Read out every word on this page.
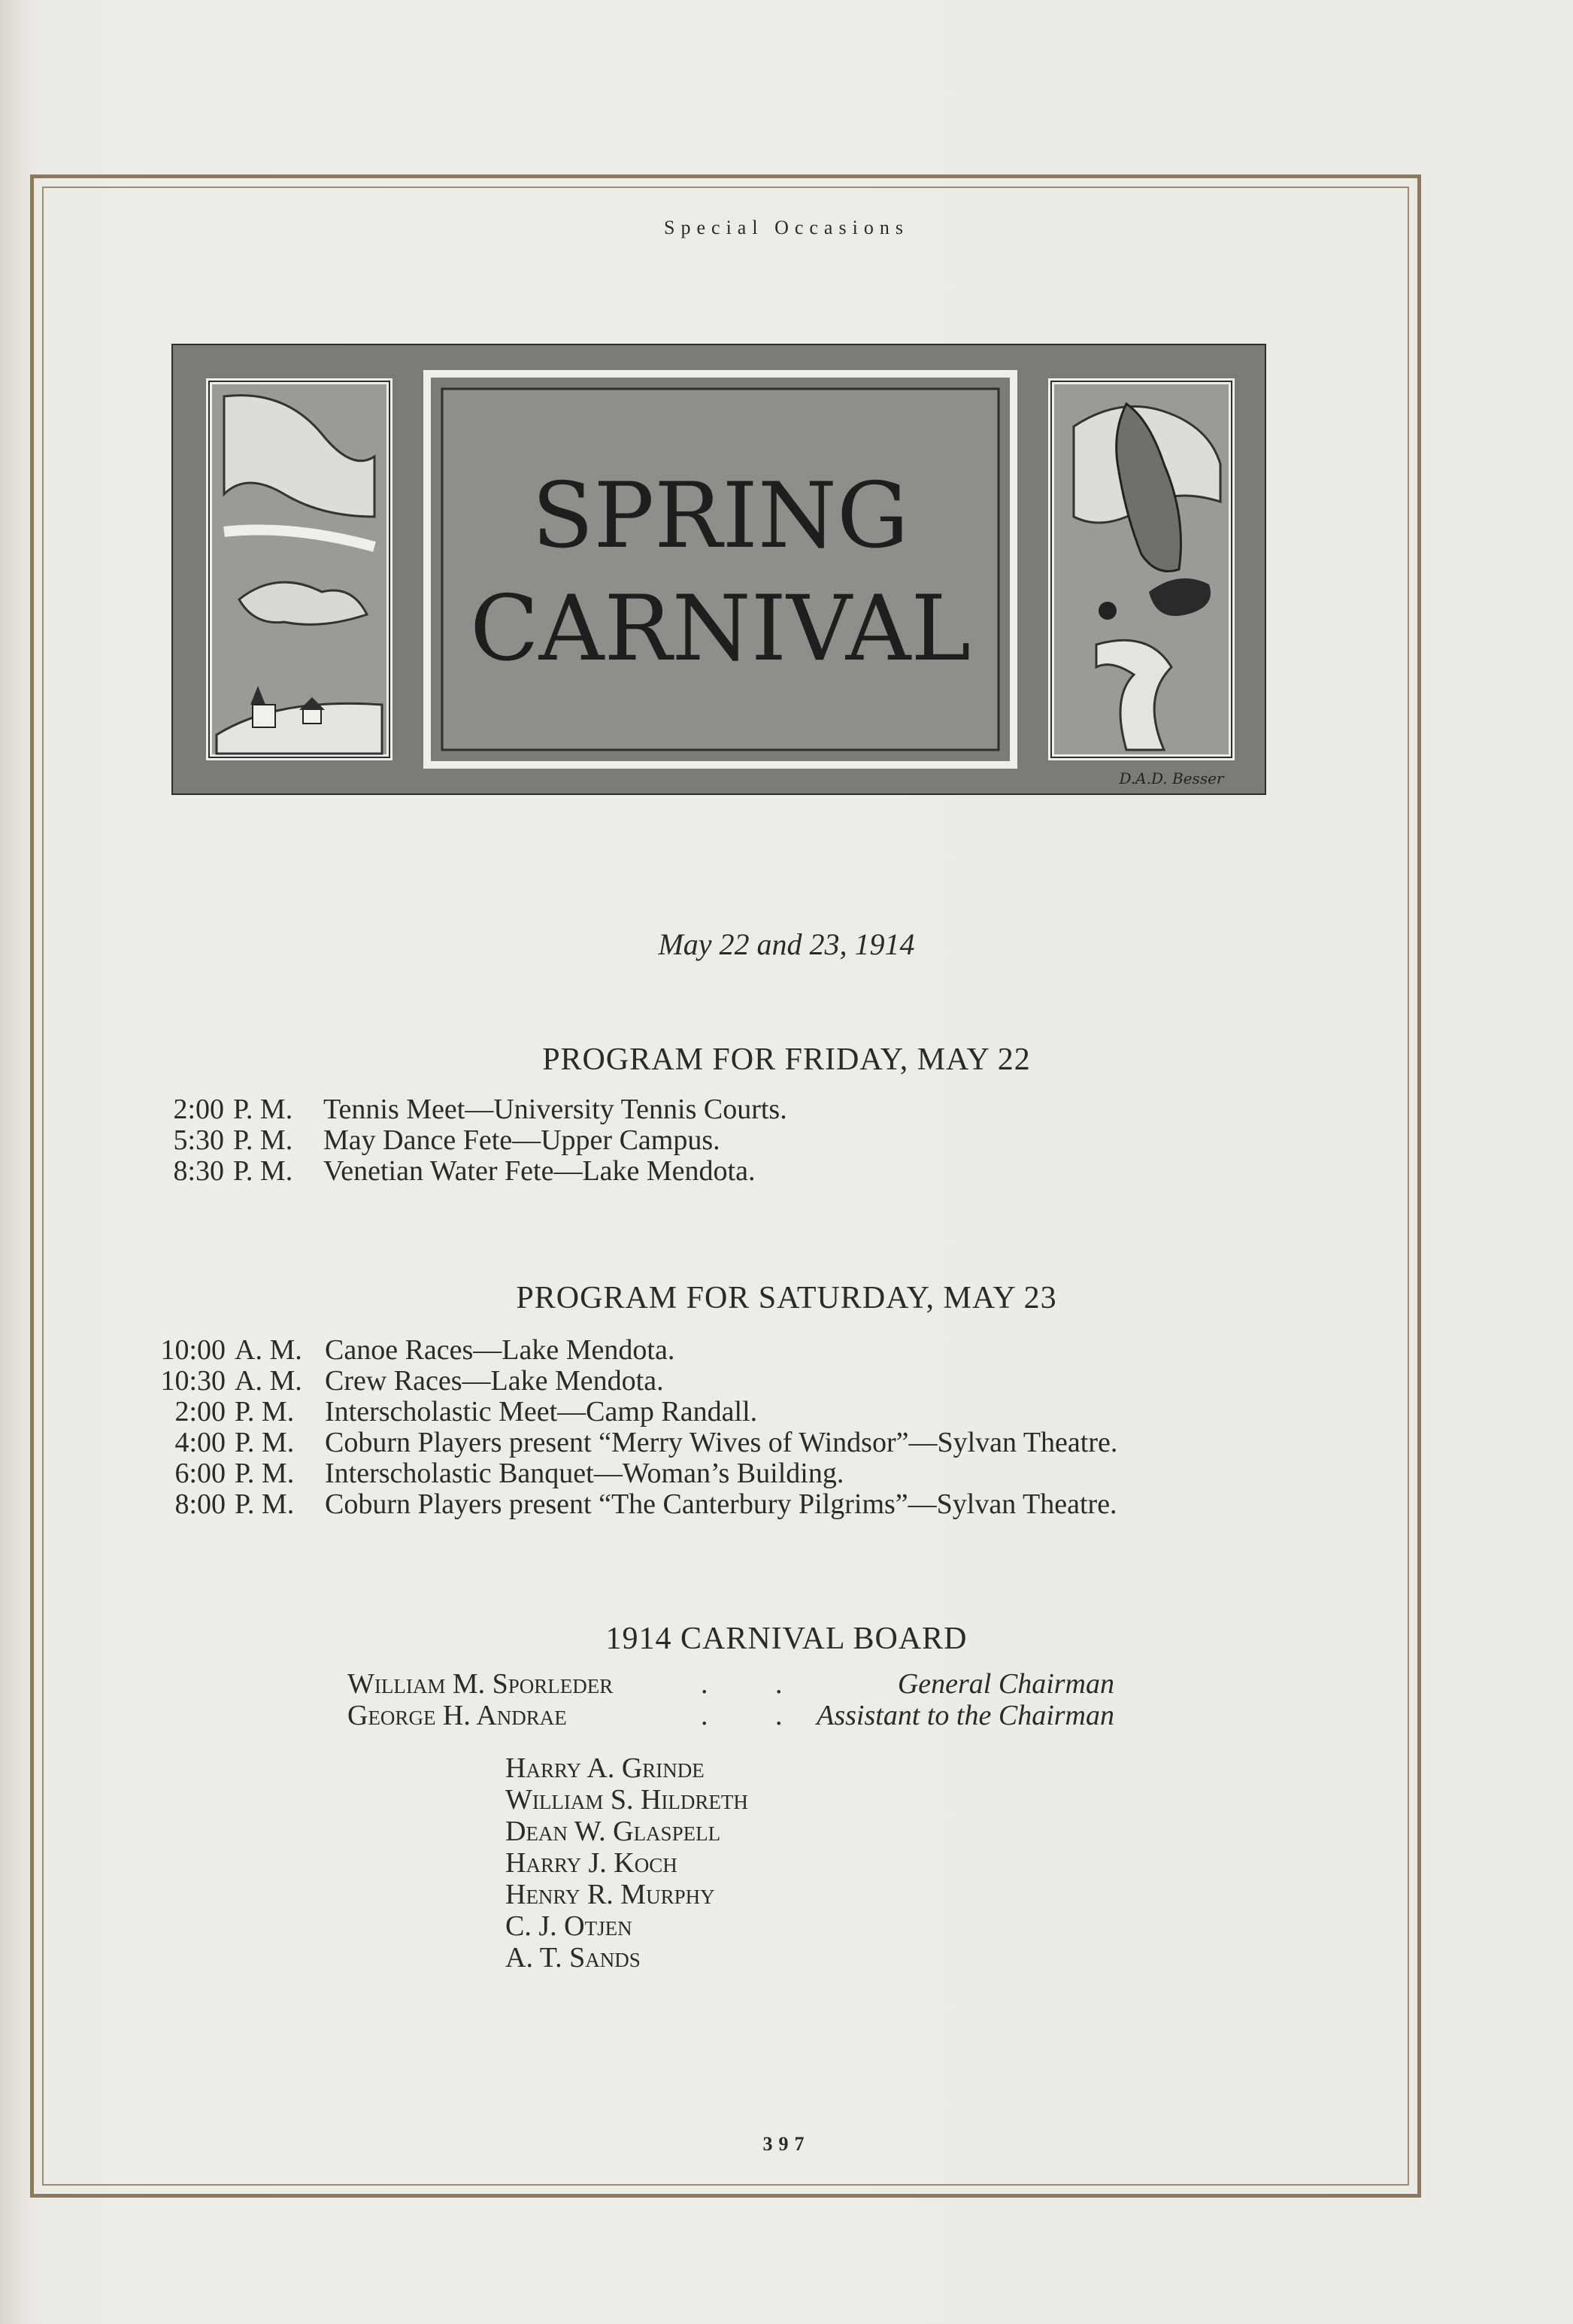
Special Occasions
SPRING
CARNIVAL
D.A.D. Besser
May 22 and 23, 1914
PROGRAM FOR FRIDAY, MAY 22
2:00 P. M.	Tennis Meet—University Tennis Courts.
5:30 P. M.	May Dance Fete—Upper Campus.
8:30 P. M.	Venetian Water Fete—Lake Mendota.
PROGRAM FOR SATURDAY, MAY 23
10:00 A. M. Canoe Races—Lake Mendota.
10:30 A. M. Crew Races—Lake Mendota.
2:00 P. M.	Interscholastic Meet—Camp Randall.
4:00 P. M.	Coburn Players present “Merry Wives of Windsor”—Sylvan Theatre.
6:00 P. M.	Interscholastic Banquet—Woman’s Building.
8:00 P. M.	Coburn Players present “The Canterbury Pilgrims”—Sylvan Theatre.
1914 CARNIVAL BOARD
William M. Sporleder	. .	General Chairman
George H. Andrae	. . Assistant to the Chairman
Harry A. Grinde
William S. Hildreth
Dean W. Glaspell
Harry J. Koch
Henry R. Murphy
C. J. Otjen
A. T. Sands
397
